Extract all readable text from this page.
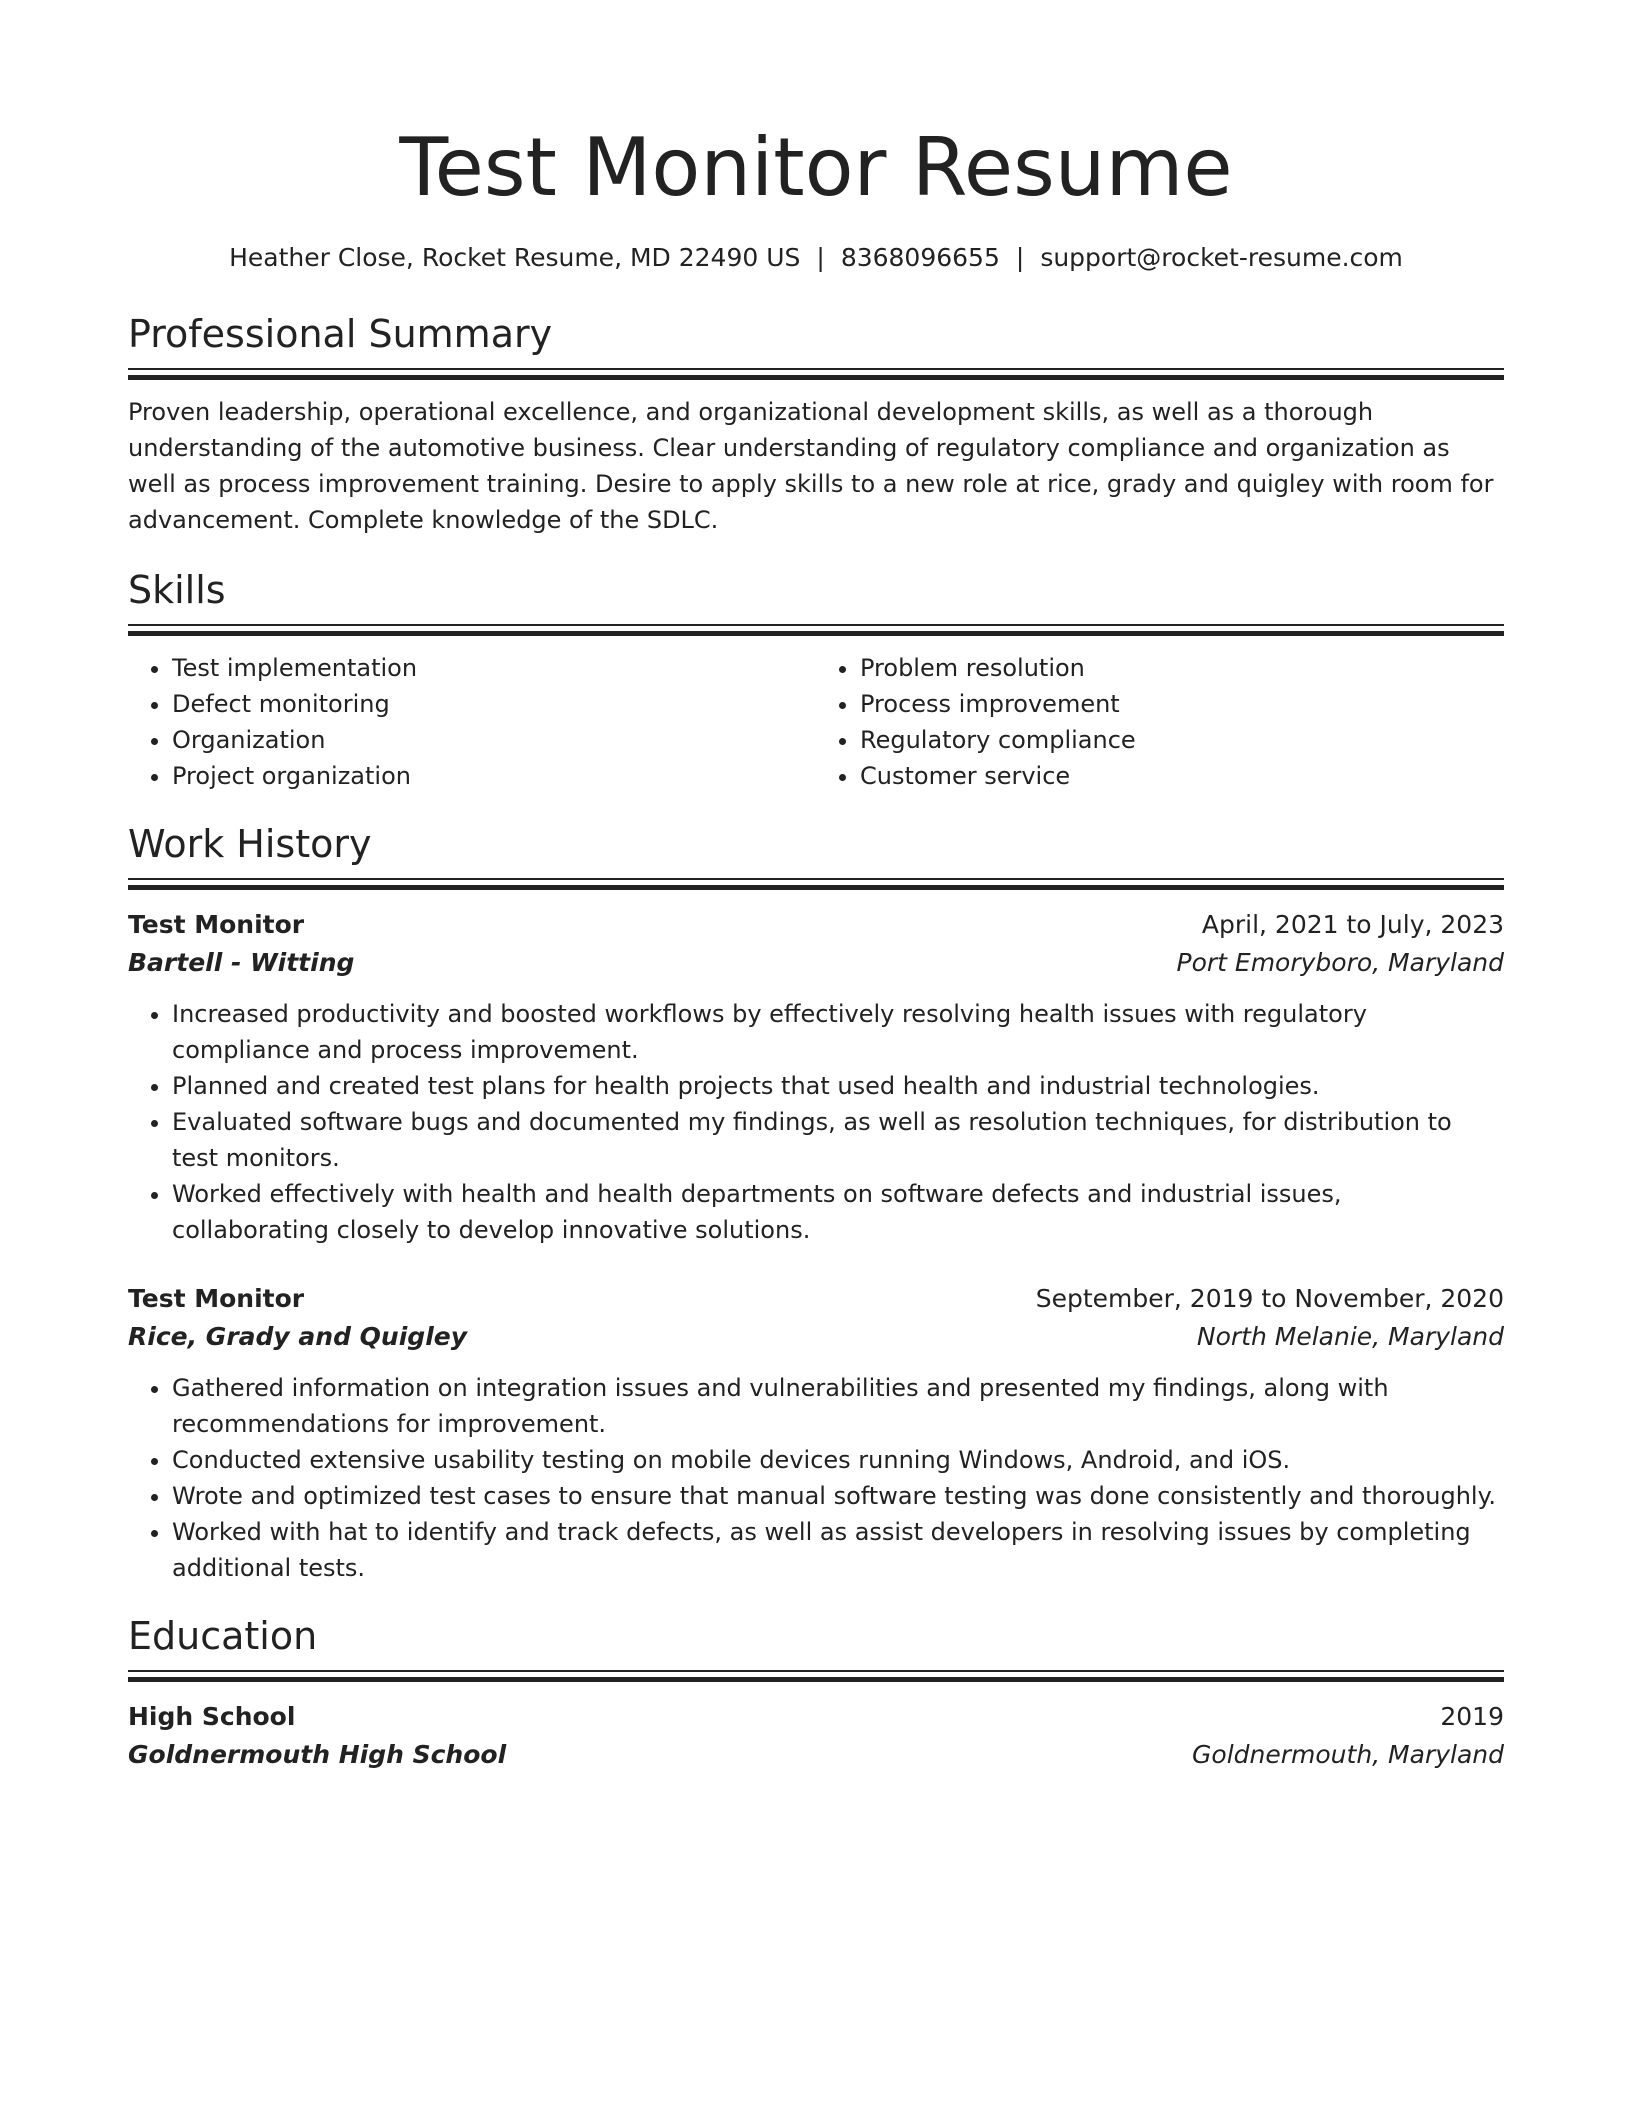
Test Monitor Resume
Heather Close, Rocket Resume, MD 22490 US | 8368096655 | support@rocket-resume.com
Professional Summary

Proven leadership, operational excellence, and organizational development skills, as well as a thorough understanding of the automotive business. Clear understanding of regulatory compliance and organization as well as process improvement training. Desire to apply skills to a new role at rice, grady and quigley with room for advancement. Complete knowledge of the SDLC.

Skills
• Test implementation
• Defect monitoring
• Organization
• Project organization
• Problem resolution
• Process improvement
• Regulatory compliance
• Customer service
Work History
Test Monitor	April, 2021 to July, 2023
Bartell - Witting	Port Emoryboro, Maryland
• Increased productivity and boosted workflows by effectively resolving health issues with regulatory compliance and process improvement.
• Planned and created test plans for health projects that used health and industrial technologies.
• Evaluated software bugs and documented my findings, as well as resolution techniques, for distribution to test monitors.
• Worked effectively with health and health departments on software defects and industrial issues, collaborating closely to develop innovative solutions.
Test Monitor	September, 2019 to November, 2020
Rice, Grady and Quigley	North Melanie, Maryland
• Gathered information on integration issues and vulnerabilities and presented my findings, along with recommendations for improvement.
• Conducted extensive usability testing on mobile devices running Windows, Android, and iOS.
• Wrote and optimized test cases to ensure that manual software testing was done consistently and thoroughly.
• Worked with hat to identify and track defects, as well as assist developers in resolving issues by completing additional tests.
Education
High School	2019
Goldnermouth High School	Goldnermouth, Maryland
